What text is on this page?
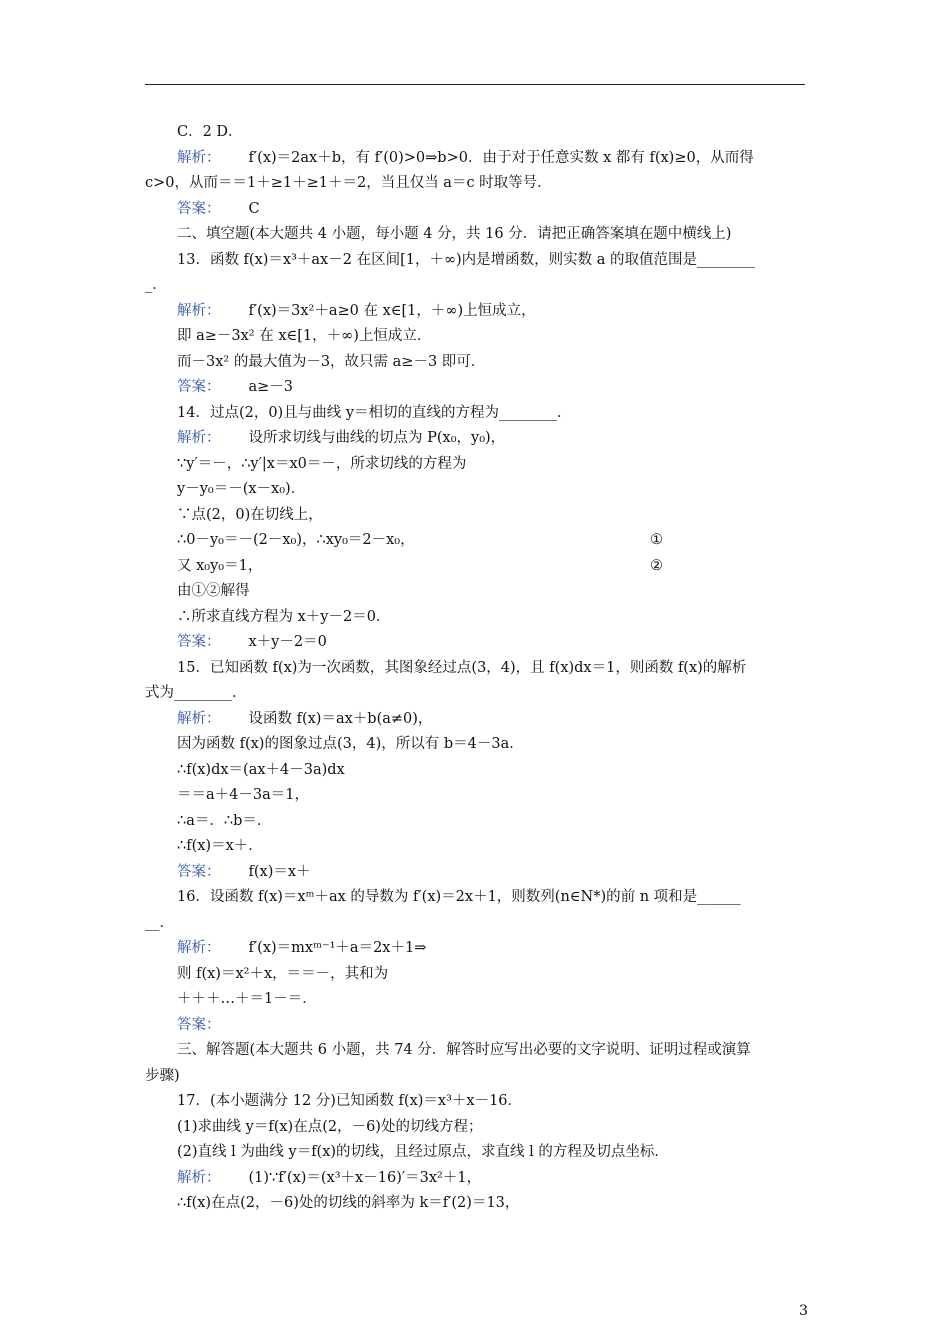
C．2 D．
解析： f′(x)＝2ax＋b，有 f′(0)>0⇒b>0．由于对于任意实数 x 都有 f(x)≥0，从而得
c>0，从而＝＝1＋≥1＋≥1＋＝2，当且仅当 a＝c 时取等号．
答案： C
二、填空题(本大题共 4 小题，每小题 4 分，共 16 分．请把正确答案填在题中横线上)
13．函数 f(x)＝x³＋ax－2 在区间[1，＋∞)内是增函数，则实数 a 的取值范围是________
_．
解析： f′(x)＝3x²＋a≥0 在 x∈[1，＋∞)上恒成立，
即 a≥－3x² 在 x∈[1，＋∞)上恒成立．
而－3x² 的最大值为－3，故只需 a≥－3 即可．
答案： a≥－3
14．过点(2，0)且与曲线 y＝相切的直线的方程为________．
解析： 设所求切线与曲线的切点为 P(x₀，y₀)，
∵y′＝－，∴y′|x＝x0＝－，所求切线的方程为
y－y₀＝－(x－x₀)．
∵点(2，0)在切线上，
∴0－y₀＝－(2－x₀)，∴xy₀＝2－x₀，	①
又 x₀y₀＝1，	②
由①②解得
∴所求直线方程为 x＋y－2＝0．
答案： x＋y－2＝0
15．已知函数 f(x)为一次函数，其图象经过点(3，4)，且 f(x)dx＝1，则函数 f(x)的解析
式为________．
解析： 设函数 f(x)＝ax＋b(a≠0)，
因为函数 f(x)的图象过点(3，4)，所以有 b＝4－3a．
∴f(x)dx＝(ax＋4－3a)dx
＝＝a＋4－3a＝1，
∴a＝．∴b＝．
∴f(x)＝x＋．
答案： f(x)＝x＋
16．设函数 f(x)＝xᵐ＋ax 的导数为 f′(x)＝2x＋1，则数列(n∈N*)的前 n 项和是______
__．
解析： f′(x)＝mxᵐ⁻¹＋a＝2x＋1⇒
则 f(x)＝x²＋x，＝＝－，其和为
＋＋＋…＋＝1－＝．
答案：
三、解答题(本大题共 6 小题，共 74 分．解答时应写出必要的文字说明、证明过程或演算
步骤)
17．(本小题满分 12 分)已知函数 f(x)＝x³＋x－16．
(1)求曲线 y＝f(x)在点(2，－6)处的切线方程；
(2)直线 l 为曲线 y＝f(x)的切线，且经过原点，求直线 l 的方程及切点坐标．
解析： (1)∵f′(x)＝(x³＋x－16)′＝3x²＋1，
∴f(x)在点(2，－6)处的切线的斜率为 k＝f′(2)＝13，
3
